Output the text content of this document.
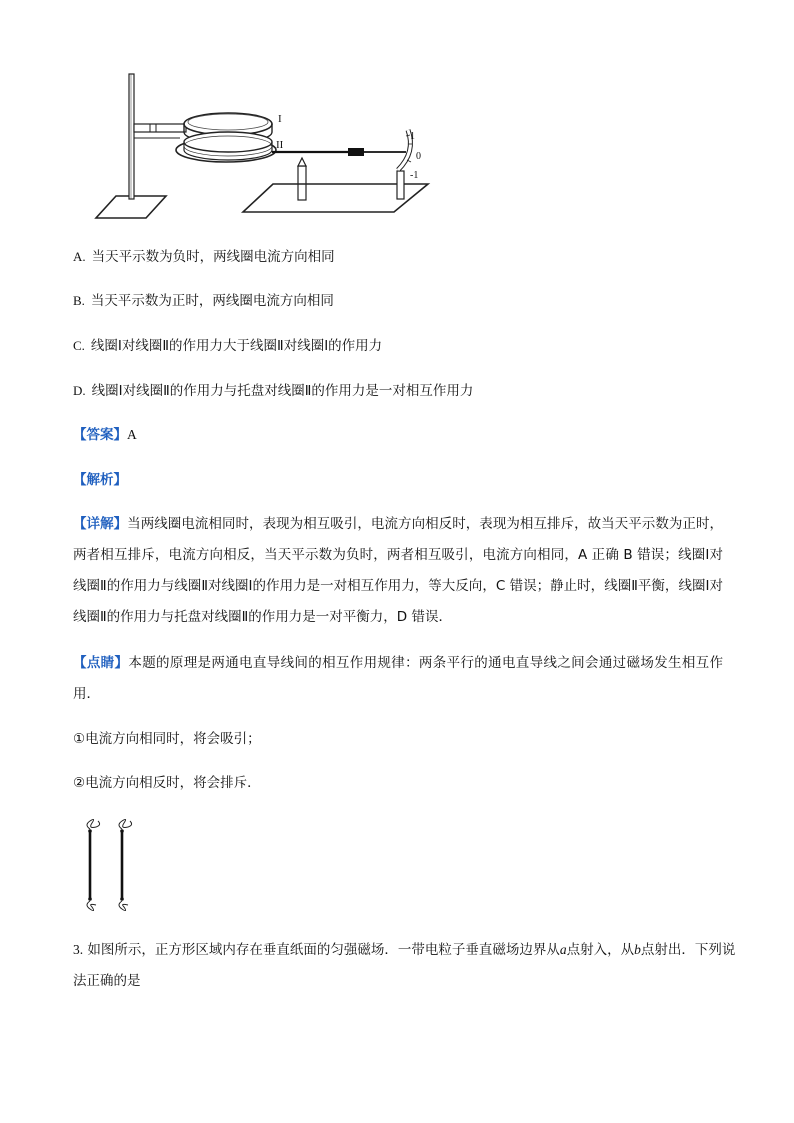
I
II
1
0
-1
A. 当天平示数为负时，两线圈电流方向相同
B. 当天平示数为正时，两线圈电流方向相同
C. 线圈Ⅰ对线圈Ⅱ的作用力大于线圈Ⅱ对线圈Ⅰ的作用力
D. 线圈Ⅰ对线圈Ⅱ的作用力与托盘对线圈Ⅱ的作用力是一对相互作用力
【答案】A
【解析】
【详解】当两线圈电流相同时，表现为相互吸引，电流方向相反时，表现为相互排斥，故当天平示数为正时，两者相互排斥，电流方向相反，当天平示数为负时，两者相互吸引，电流方向相同，A 正确 B 错误；线圈Ⅰ对线圈Ⅱ的作用力与线圈Ⅱ对线圈Ⅰ的作用力是一对相互作用力，等大反向，C 错误；静止时，线圈Ⅱ平衡，线圈Ⅰ对线圈Ⅱ的作用力与托盘对线圈Ⅱ的作用力是一对平衡力，D 错误．
【点睛】本题的原理是两通电直导线间的相互作用规律：两条平行的通电直导线之间会通过磁场发生相互作用．
①电流方向相同时，将会吸引；
②电流方向相反时，将会排斥．
3. 如图所示，正方形区域内存在垂直纸面的匀强磁场．一带电粒子垂直磁场边界从a点射入，从b点射出．下列说法正确的是
